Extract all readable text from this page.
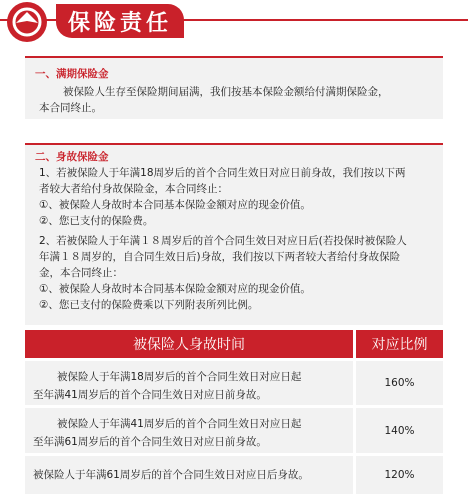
保险责任
一、满期保险金
被保险人生存至保险期间届满，我们按基本保险金额给付满期保险金，
本合同终止。
二、身故保险金
1、若被保险人于年满18周岁后的首个合同生效日对应日前身故，我们按以下两
者较大者给付身故保险金，本合同终止：
①、被保险人身故时本合同基本保险金额对应的现金价值。
②、您已支付的保险费。
2、若被保险人于年满１８周岁后的首个合同生效日对应日后(若投保时被保险人
年满１８周岁的，自合同生效日后)身故，我们按以下两者较大者给付身故保险
金，本合同终止：
①、被保险人身故时本合同基本保险金额对应的现金价值。
②、您已支付的保险费乘以下列附表所列比例。
被保险人身故时间	对应比例
被保险人于年满18周岁后的首个合同生效日对应日起
至年满41周岁后的首个合同生效日对应日前身故。
160%
被保险人于年满41周岁后的首个合同生效日对应日起
至年满61周岁后的首个合同生效日对应日前身故。
140%
被保险人于年满61周岁后的首个合同生效日对应日后身故。	120%
